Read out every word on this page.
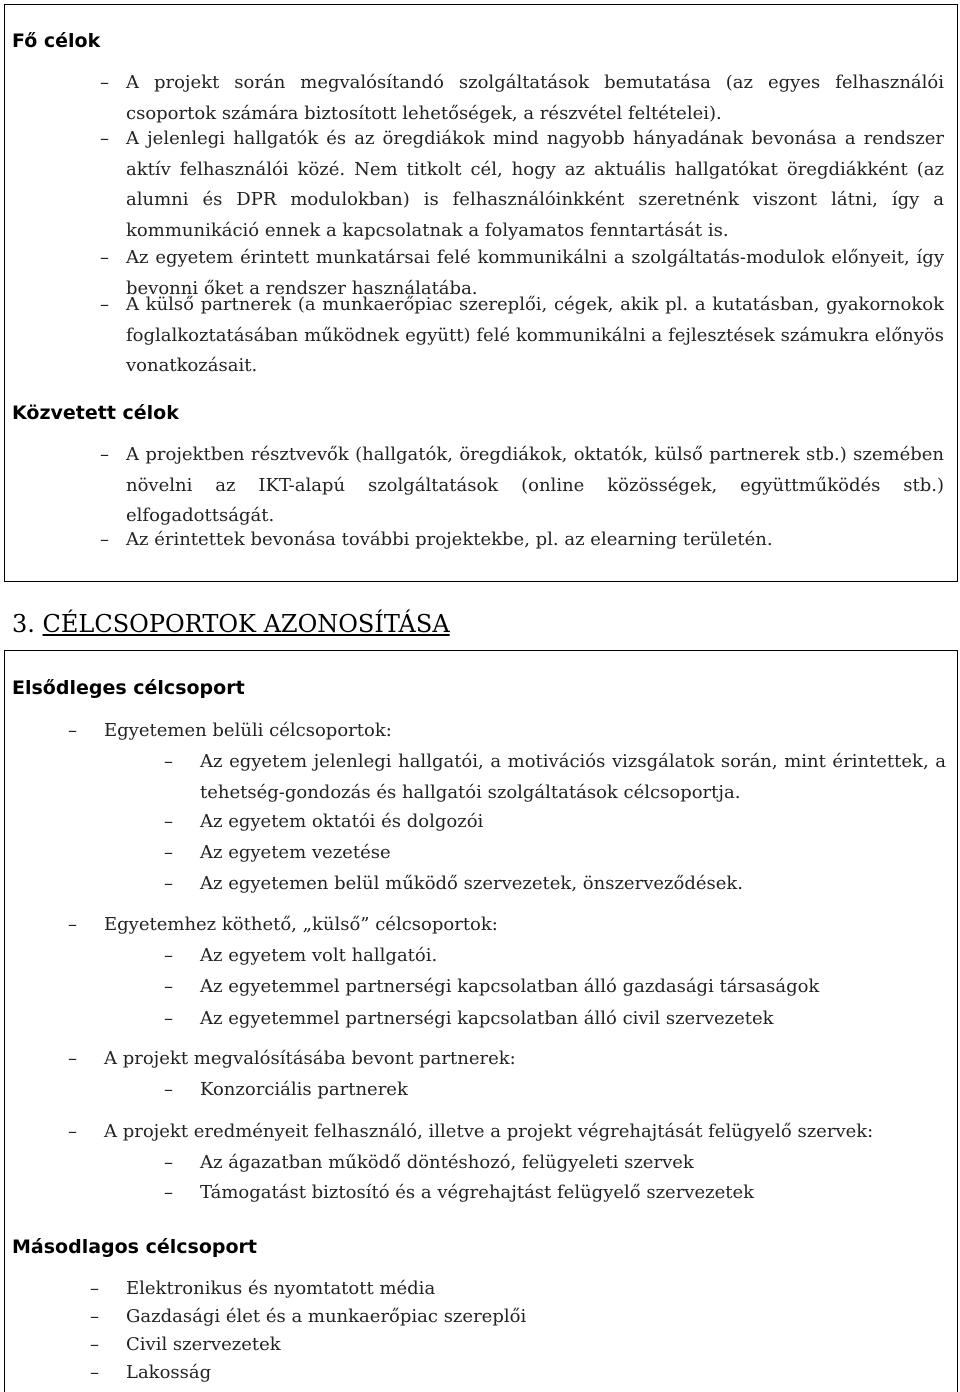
Fő célok
– A projekt során megvalósítandó szolgáltatások bemutatása (az egyes felhasználói csoportok számára biztosított lehetőségek, a részvétel feltételei).
– A jelenlegi hallgatók és az öregdiákok mind nagyobb hányadának bevonása a rendszer aktív felhasználói közé. Nem titkolt cél, hogy az aktuális hallgatókat öregdiákként (az alumni és DPR modulokban) is felhasználóinkként szeretnénk viszont látni, így a kommunikáció ennek a kapcsolatnak a folyamatos fenntartását is.
– Az egyetem érintett munkatársai felé kommunikálni a szolgáltatás-modulok előnyeit, így bevonni őket a rendszer használatába.
– A külső partnerek (a munkaerőpiac szereplői, cégek, akik pl. a kutatásban, gyakornokok foglalkoztatásában működnek együtt) felé kommunikálni a fejlesztések számukra előnyös vonatkozásait.
Közvetett célok
– A projektben résztvevők (hallgatók, öregdiákok, oktatók, külső partnerek stb.) szemében növelni az IKT-alapú szolgáltatások (online közösségek, együttműködés stb.) elfogadottságát.
– Az érintettek bevonása további projektekbe, pl. az elearning területén.
3. CÉLCSOPORTOK AZONOSÍTÁSA
Elsődleges célcsoport
– Egyetemen belüli célcsoportok:
– Az egyetem jelenlegi hallgatói, a motivációs vizsgálatok során, mint érintettek, a tehetség-gondozás és hallgatói szolgáltatások célcsoportja.
– Az egyetem oktatói és dolgozói
– Az egyetem vezetése
– Az egyetemen belül működő szervezetek, önszerveződések.
– Egyetemhez köthető, „külső” célcsoportok:
– Az egyetem volt hallgatói.
– Az egyetemmel partnerségi kapcsolatban álló gazdasági társaságok
– Az egyetemmel partnerségi kapcsolatban álló civil szervezetek
– A projekt megvalósításába bevont partnerek:
– Konzorciális partnerek
– A projekt eredményeit felhasználó, illetve a projekt végrehajtását felügyelő szervek:
– Az ágazatban működő döntéshozó, felügyeleti szervek
– Támogatást biztosító és a végrehajtást felügyelő szervezetek
Másodlagos célcsoport
– Elektronikus és nyomtatott média
– Gazdasági élet és a munkaerőpiac szereplői
– Civil szervezetek
– Lakosság
